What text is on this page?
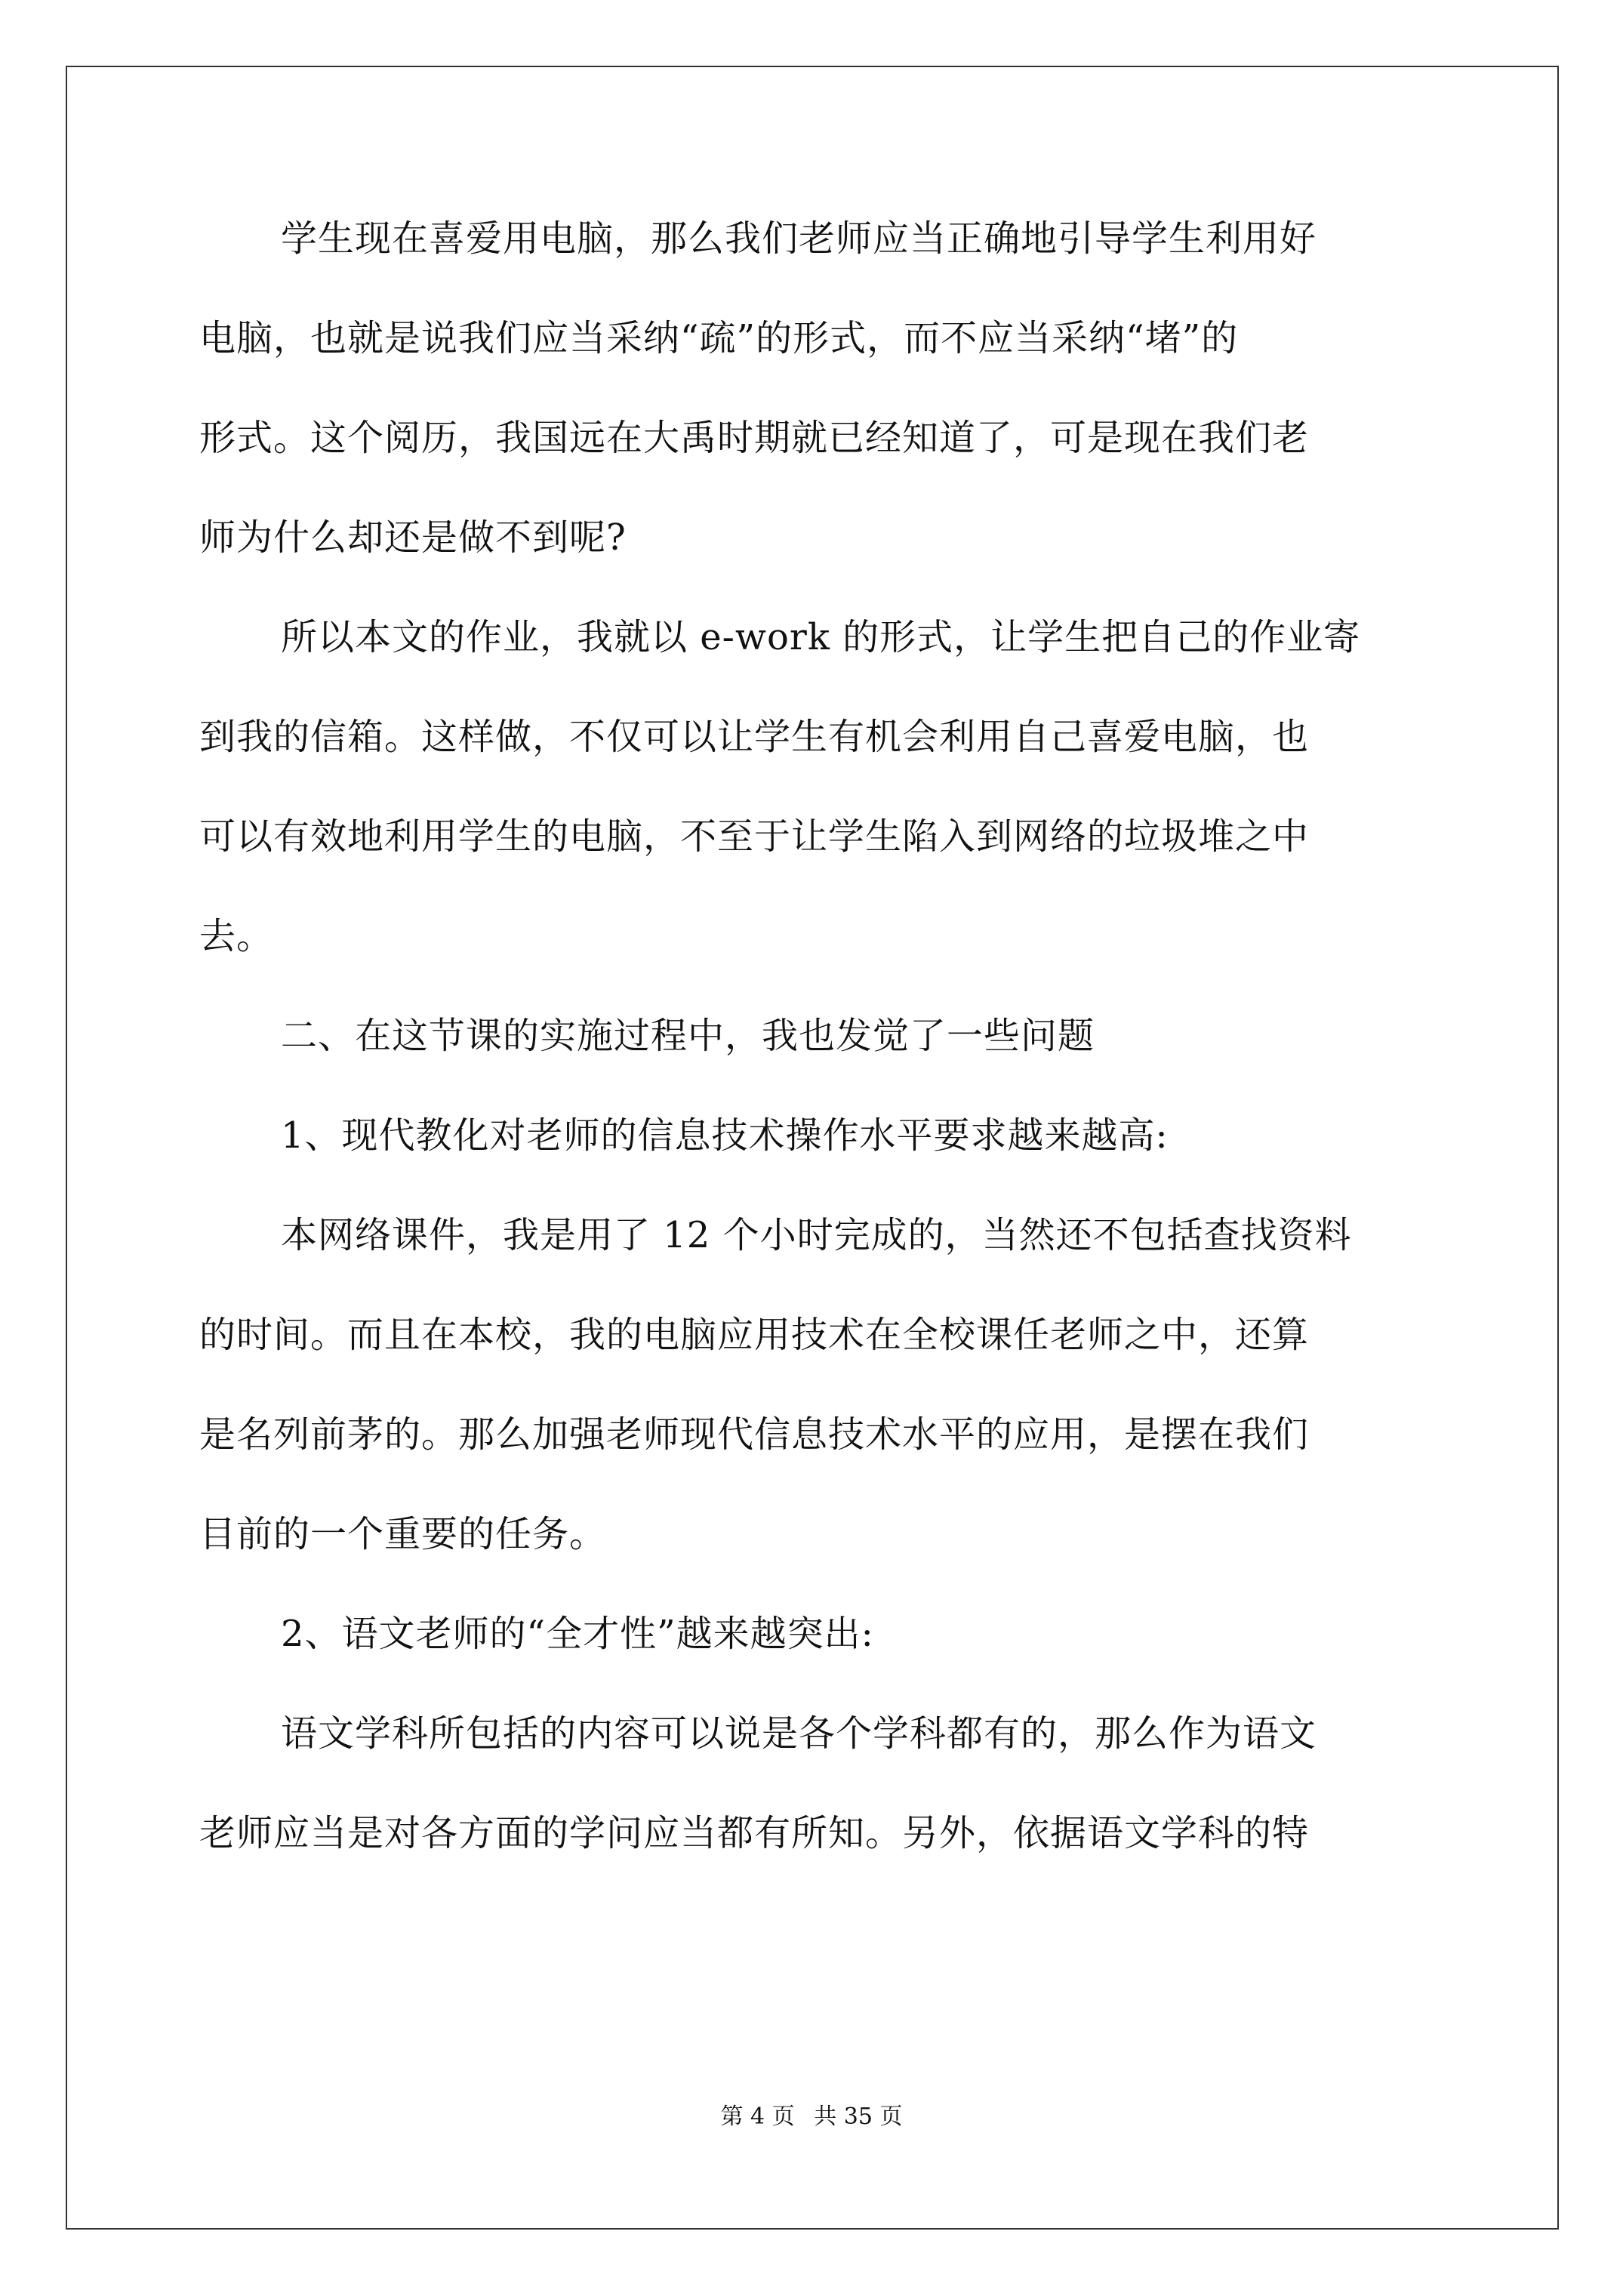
学生现在喜爱用电脑，那么我们老师应当正确地引导学生利用好
电脑，也就是说我们应当采纳“疏”的形式，而不应当采纳“堵”的
形式。这个阅历，我国远在大禹时期就已经知道了，可是现在我们老
师为什么却还是做不到呢?
所以本文的作业，我就以 e-work 的形式，让学生把自己的作业寄
到我的信箱。这样做，不仅可以让学生有机会利用自己喜爱电脑，也
可以有效地利用学生的电脑，不至于让学生陷入到网络的垃圾堆之中
去。
二、在这节课的实施过程中，我也发觉了一些问题
1、现代教化对老师的信息技术操作水平要求越来越高:
本网络课件，我是用了 12 个小时完成的，当然还不包括查找资料
的时间。而且在本校，我的电脑应用技术在全校课任老师之中，还算
是名列前茅的。那么加强老师现代信息技术水平的应用，是摆在我们
目前的一个重要的任务。
2、语文老师的“全才性”越来越突出:
语文学科所包括的内容可以说是各个学科都有的，那么作为语文
老师应当是对各方面的学问应当都有所知。另外，依据语文学科的特
第 4 页 共 35 页
